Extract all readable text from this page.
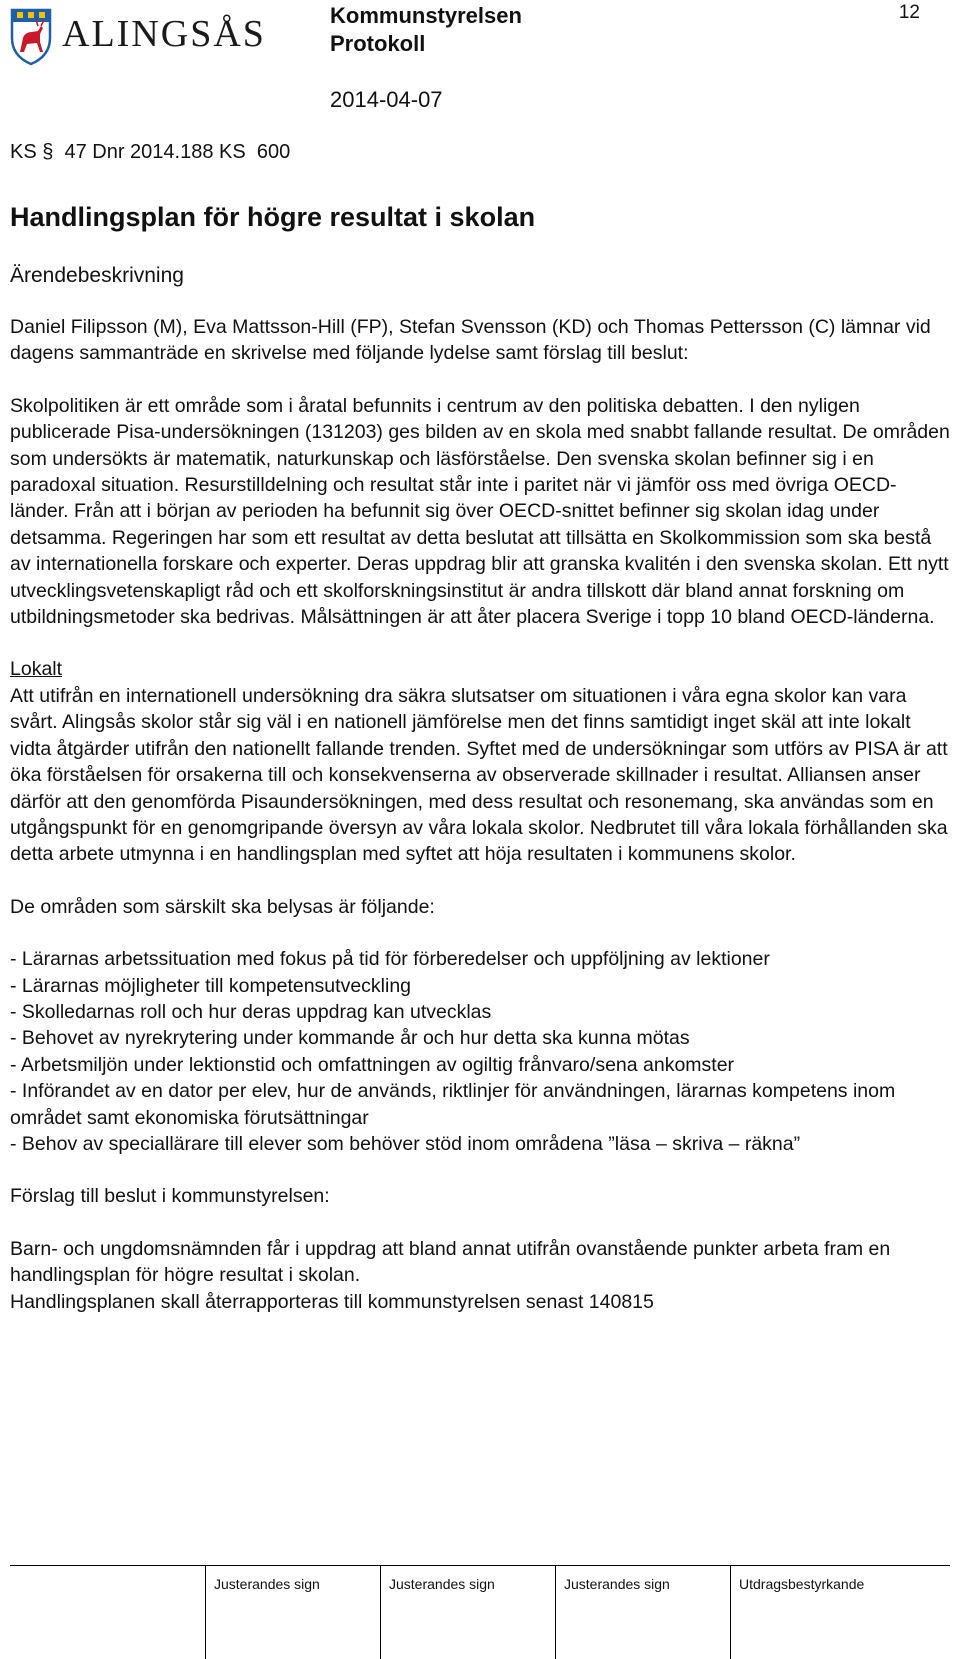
ALINGSÅS	Kommunstyrelsen
Protokoll
2014-04-07
12
KS §  47 Dnr 2014.188 KS  600
Handlingsplan för högre resultat i skolan
Ärendebeskrivning

Daniel Filipsson (M), Eva Mattsson-Hill (FP), Stefan Svensson (KD) och Thomas Pettersson (C) lämnar vid dagens sammanträde en skrivelse med följande lydelse samt förslag till beslut:

Skolpolitiken är ett område som i åratal befunnits i centrum av den politiska debatten. I den nyligen publicerade Pisa-undersökningen (131203) ges bilden av en skola med snabbt fallande resultat. De områden som undersökts är matematik, naturkunskap och läsförståelse. Den svenska skolan befinner sig i en paradoxal situation. Resurstilldelning och resultat står inte i paritet när vi jämför oss med övriga OECD-länder. Från att i början av perioden ha befunnit sig över OECD-snittet befinner sig skolan idag under detsamma. Regeringen har som ett resultat av detta beslutat att tillsätta en Skolkommission som ska bestå av internationella forskare och experter. Deras uppdrag blir att granska kvalitén i den svenska skolan. Ett nytt utvecklingsvetenskapligt råd och ett skolforskningsinstitut är andra tillskott där bland annat forskning om utbildningsmetoder ska bedrivas. Målsättningen är att åter placera Sverige i topp 10 bland OECD-länderna.

Lokalt

Att utifrån en internationell undersökning dra säkra slutsatser om situationen i våra egna skolor kan vara svårt. Alingsås skolor står sig väl i en nationell jämförelse men det finns samtidigt inget skäl att inte lokalt vidta åtgärder utifrån den nationellt fallande trenden. Syftet med de undersökningar som utförs av PISA är att öka förståelsen för orsakerna till och konsekvenserna av observerade skillnader i resultat. Alliansen anser därför att den genomförda Pisaundersökningen, med dess resultat och resonemang, ska användas som en utgångspunkt för en genomgripande översyn av våra lokala skolor. Nedbrutet till våra lokala förhållanden ska detta arbete utmynna i en handlingsplan med syftet att höja resultaten i kommunens skolor.

De områden som särskilt ska belysas är följande:

- Lärarnas arbetssituation med fokus på tid för förberedelser och uppföljning av lektioner
- Lärarnas möjligheter till kompetensutveckling
- Skolledarnas roll och hur deras uppdrag kan utvecklas
- Behovet av nyrekrytering under kommande år och hur detta ska kunna mötas
- Arbetsmiljön under lektionstid och omfattningen av ogiltig frånvaro/sena ankomster
- Införandet av en dator per elev, hur de används, riktlinjer för användningen, lärarnas kompetens inom området samt ekonomiska förutsättningar
- Behov av speciallärare till elever som behöver stöd inom områdena ”läsa – skriva – räkna”

Förslag till beslut i kommunstyrelsen:

Barn- och ungdomsnämnden får i uppdrag att bland annat utifrån ovanstående punkter arbeta fram en handlingsplan för högre resultat i skolan.

Handlingsplanen skall återrapporteras till kommunstyrelsen senast 140815

Justerandes sign	Justerandes sign	Justerandes sign	Utdragsbestyrkande
